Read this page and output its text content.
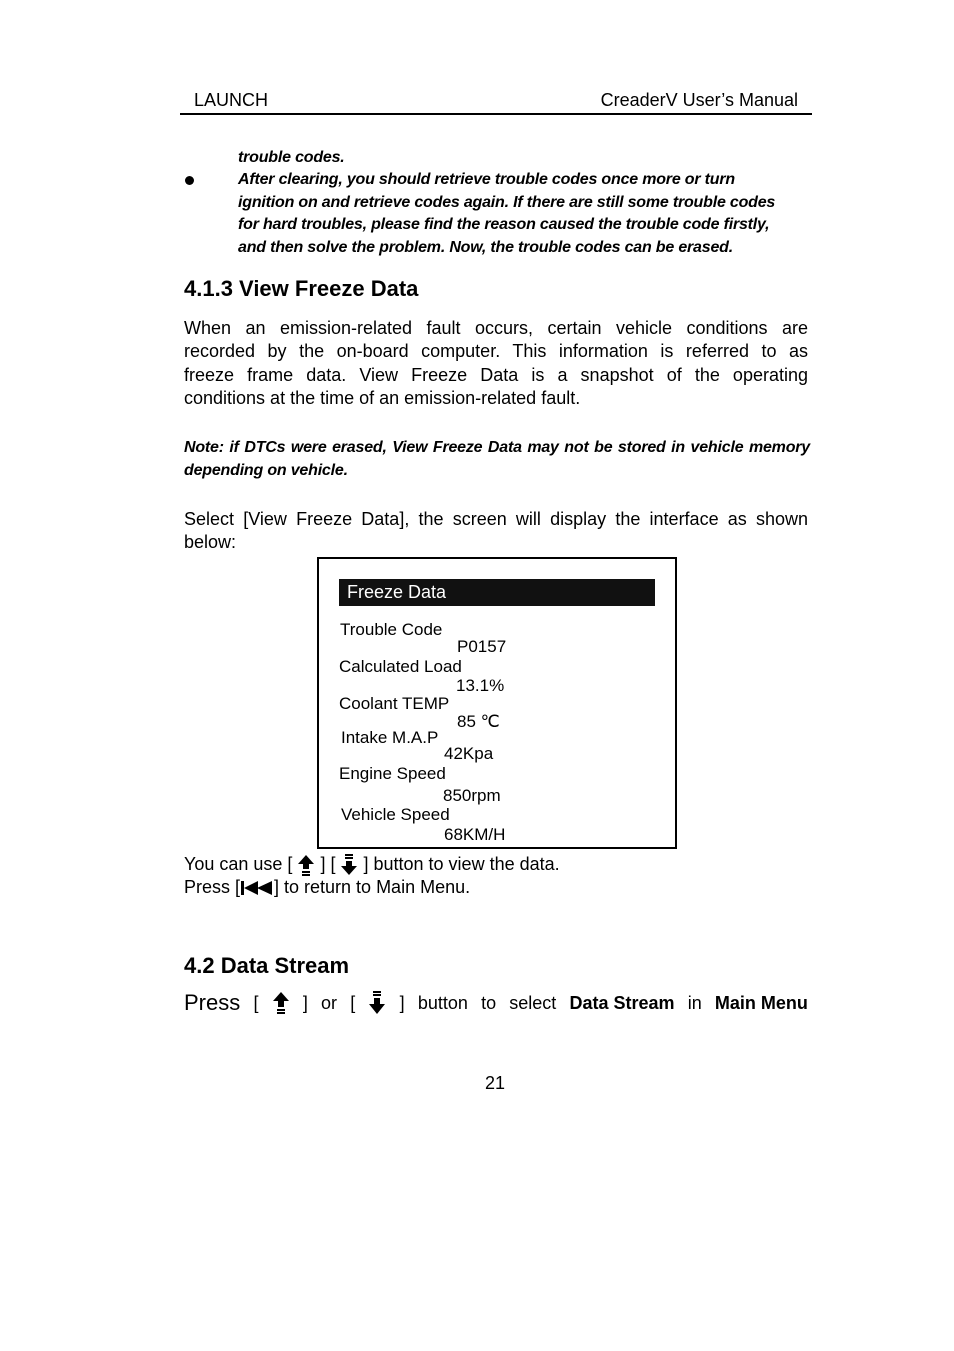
LAUNCH	CreaderV User’s Manual
trouble codes.
After clearing, you should retrieve trouble codes once more or turn
ignition on and retrieve codes again. If there are still some trouble codes
for hard troubles, please find the reason caused the trouble code firstly,
and then solve the problem. Now, the trouble codes can be erased.
4.1.3 View Freeze Data
When an emission-related fault occurs, certain vehicle conditions are
recorded by the on-board computer. This information is referred to as
freeze frame data. View Freeze Data is a snapshot of the operating
conditions at the time of an emission-related fault.
Note: if DTCs were erased, View Freeze Data may not be stored in vehicle memory
depending on vehicle.
Select [View Freeze Data], the screen will display the interface as shown
below:
Freeze Data
Trouble Code
P0157
Calculated Load
13.1%
Coolant TEMP
85 ℃
Intake M.A.P
42Kpa
Engine Speed
850rpm
Vehicle Speed
68KM/H
You can use [ ] [ ] button to view the data.
Press [ ] to return to Main Menu.
4.2 Data Stream
Press [ ] or [ ] button to select Data Stream in Main Menu
21
